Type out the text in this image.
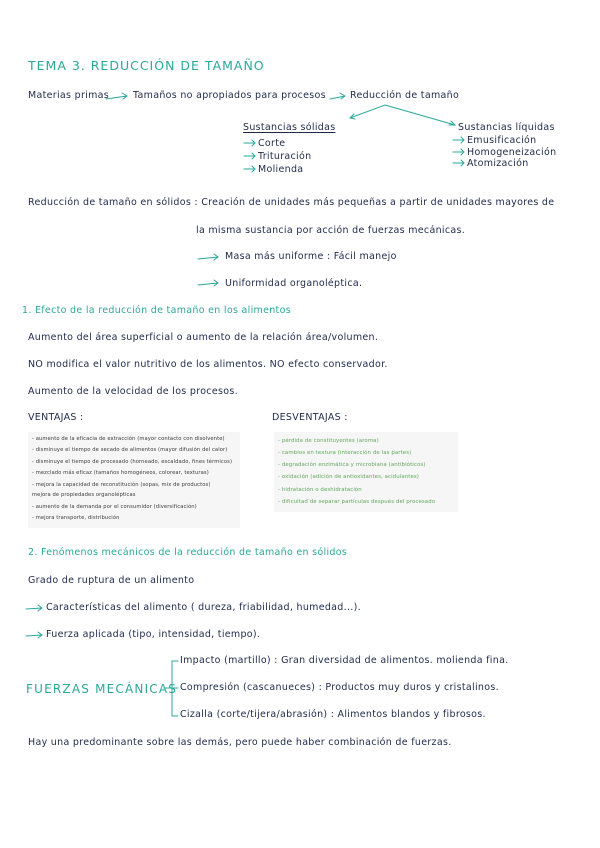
TEMA 3. REDUCCIÓN DE TAMAÑO
Materias primas	Tamaños no apropiados para procesos	Reducción de tamaño
Sustancias sólidas
Corte
Trituración
Molienda
Sustancias líquidas
Emusificación
Homogeneización
Atomización
Reducción de tamaño en sólidos : Creación de unidades más pequeñas a partir de unidades mayores de
la misma sustancia por acción de fuerzas mecánicas.
Masa más uniforme : Fácil manejo
Uniformidad organoléptica.
1. Efecto de la reducción de tamaño en los alimentos
Aumento del área superficial o aumento de la relación área/volumen.
NO modifica el valor nutritivo de los alimentos. NO efecto conservador.
Aumento de la velocidad de los procesos.
VENTAJAS :	DESVENTAJAS :
- aumento de la eficacia de extracción (mayor contacto con disolvente)
- disminuye el tiempo de secado de alimentos (mayor difusión del calor)
- disminuye el tiempo de procesado (horneado, escaldado, fines térmicos)
- mezclado más eficaz (tamaños homogéneos, colorear, texturas)
- mejora la capacidad de reconstitución (sopas, mix de productos)
mejora de propiedades organolépticas
- aumento de la demanda por el consumidor (diversificación)
- mejora transporte, distribución
- pérdida de constituyentes (aroma)
- cambios en textura (interacción de las partes)
- degradación enzimática y microbiana (antibióticos)
- oxidación (adición de antioxidantes, acidulantes)
- hidratación o deshidratación
- dificultad de separar partículas después del procesado
2. Fenómenos mecánicos de la reducción de tamaño en sólidos
Grado de ruptura de un alimento
Características del alimento ( dureza, friabilidad, humedad...).
Fuerza aplicada (tipo, intensidad, tiempo).
FUERZAS MECÁNICAS
Impacto (martillo) : Gran diversidad de alimentos. molienda fina.
Compresión (cascanueces) : Productos muy duros y cristalinos.
Cizalla (corte/tijera/abrasión) : Alimentos blandos y fibrosos.
Hay una predominante sobre las demás, pero puede haber combinación de fuerzas.
